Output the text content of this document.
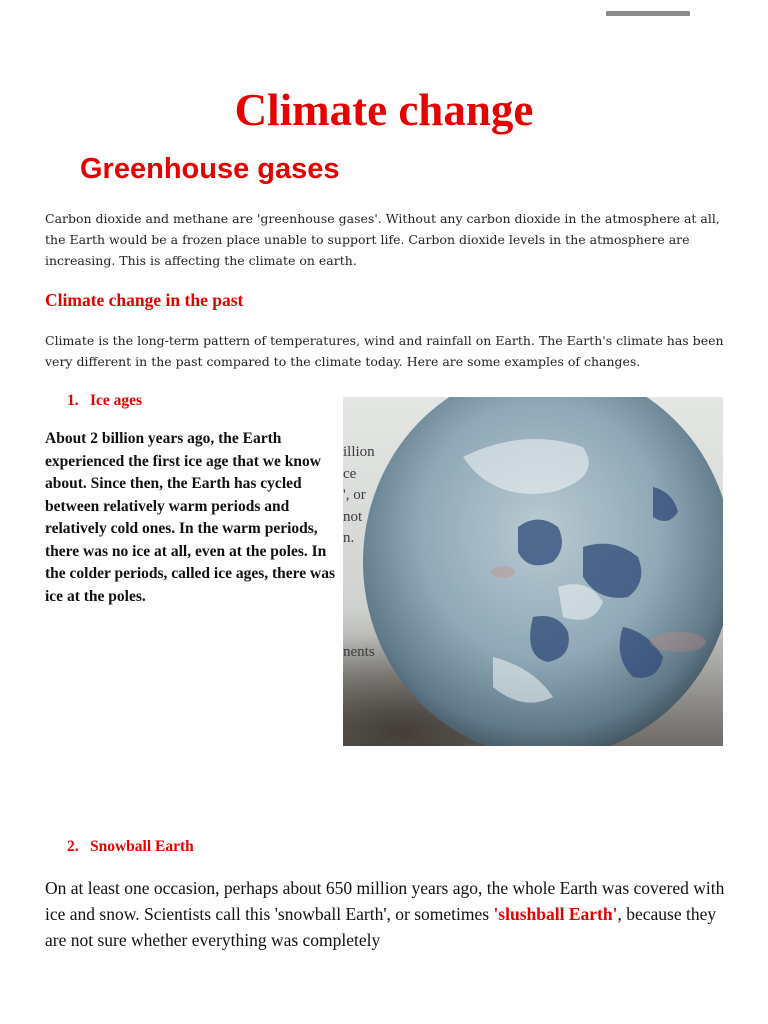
Climate change
Greenhouse gases

Carbon dioxide and methane are 'greenhouse gases'. Without any carbon dioxide in the atmosphere at all, the Earth would be a frozen place unable to support life. Carbon dioxide levels in the atmosphere are increasing. This is affecting the climate on earth.

Climate change in the past

Climate is the long-term pattern of temperatures, wind and rainfall on Earth. The Earth's climate has been very different in the past compared to the climate today. Here are some examples of changes.

1. Ice ages

About 2 billion years ago, the Earth experienced the first ice age that we know about. Since then, the Earth has cycled between relatively warm periods and relatively cold ones. In the warm periods, there was no ice at all, even at the poles. In the colder periods, called ice ages, there was ice at the poles.

illion
ce
', or
not
n.
nents
2. Snowball Earth

On at least one occasion, perhaps about 650 million years ago, the whole Earth was covered with ice and snow. Scientists call this 'snowball Earth', or sometimes 'slushball Earth', because they are not sure whether everything was completely
